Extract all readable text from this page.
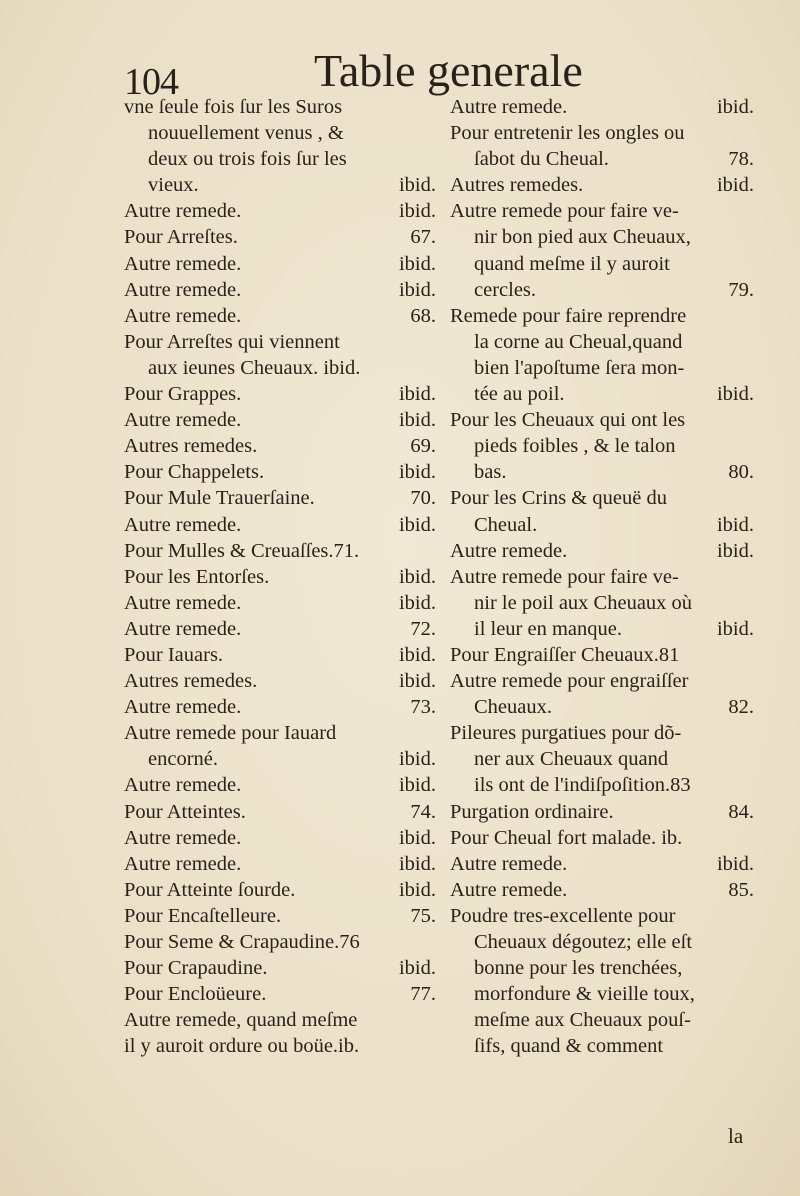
104	Table generale
vne ſeule fois ſur les Suros
nouuellement venus , &
deux ou trois fois ſur les
vieux.	ibid.
Autre remede.	ibid.
Pour Arreſtes.	67.
Autre remede.	ibid.
Autre remede.	ibid.
Autre remede.	68.
Pour Arreſtes qui viennent
aux ieunes Cheuaux. ibid.
Pour Grappes.	ibid.
Autre remede.	ibid.
Autres remedes.	69.
Pour Chappelets.	ibid.
Pour Mule Trauerſaine.	70.
Autre remede.	ibid.
Pour Mulles & Creuaſſes.71.
Pour les Entorſes.	ibid.
Autre remede.	ibid.
Autre remede.	72.
Pour Iauars.	ibid.
Autres remedes.	ibid.
Autre remede.	73.
Autre remede pour Iauard
encorné.	ibid.
Autre remede.	ibid.
Pour Atteintes.	74.
Autre remede.	ibid.
Autre remede.	ibid.
Pour Atteinte ſourde.	ibid.
Pour Encaſtelleure.	75.
Pour Seme & Crapaudine.76
Pour Crapaudine.	ibid.
Pour Encloüeure.	77.
Autre remede, quand meſme
il y auroit ordure ou boüe.ib.
Autre remede.	ibid.
Pour entretenir les ongles ou
ſabot du Cheual.	78.
Autres remedes.	ibid.
Autre remede pour faire ve-
nir bon pied aux Cheuaux,
quand meſme il y auroit
cercles.	79.
Remede pour faire reprendre
la corne au Cheual,quand
bien l'apoſtume ſera mon-
tée au poil.	ibid.
Pour les Cheuaux qui ont les
pieds foibles , & le talon
bas.	80.
Pour les Crins & queuë du
Cheual.	ibid.
Autre remede.	ibid.
Autre remede pour faire ve-
nir le poil aux Cheuaux où
il leur en manque.	ibid.
Pour Engraiſſer Cheuaux.81
Autre remede pour engraiſſer
Cheuaux.	82.
Pileures purgatiues pour dõ-
ner aux Cheuaux quand
ils ont de l'indiſpoſition.83
Purgation ordinaire.	84.
Pour Cheual fort malade. ib.
Autre remede.	ibid.
Autre remede.	85.
Poudre tres-excellente pour
Cheuaux dégoutez; elle eſt
bonne pour les trenchées,
morfondure & vieille toux,
meſme aux Cheuaux pouſ-
ſifs, quand & comment
la
